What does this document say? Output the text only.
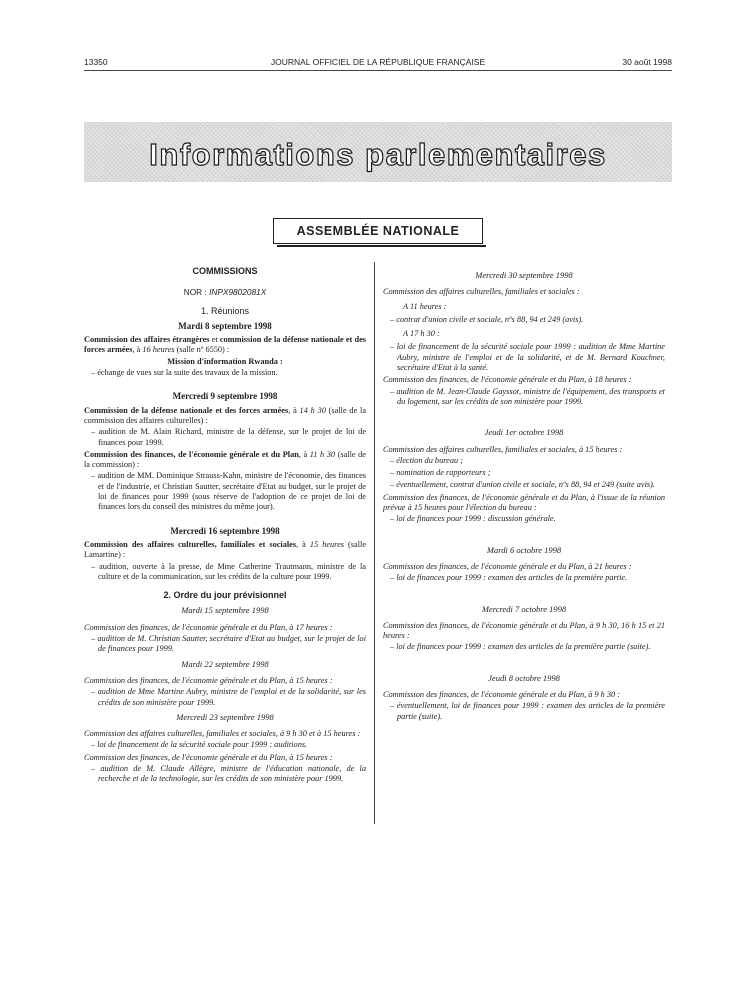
13350	JOURNAL OFFICIEL DE LA RÉPUBLIQUE FRANÇAISE	30 août 1998
Informations parlementaires
ASSEMBLÉE NATIONALE
COMMISSIONS
NOR : INPX9802081X
1. Réunions
Mardi 8 septembre 1998
Commission des affaires étrangères et commission de la défense nationale et des forces armées, à 16 heures (salle nº 6550) :
Mission d'information Rwanda :
– échange de vues sur la suite des travaux de la mission.
Mercredi 9 septembre 1998
Commission de la défense nationale et des forces armées, à 14 h 30 (salle de la commission des affaires culturelles) :
– audition de M. Alain Richard, ministre de la défense, sur le projet de loi de finances pour 1999.
Commission des finances, de l'économie générale et du Plan, à 11 h 30 (salle de la commission) :
– audition de MM. Dominique Strauss-Kahn, ministre de l'économie, des finances et de l'industrie, et Christian Sautter, secrétaire d'Etat au budget, sur le projet de loi de finances pour 1999 (sous réserve de l'adoption de ce projet de loi de finances lors du conseil des ministres du même jour).
Mercredi 16 septembre 1998
Commission des affaires culturelles, familiales et sociales, à 15 heures (salle Lamartine) :
– audition, ouverte à la presse, de Mme Catherine Trautmann, ministre de la culture et de la communication, sur les crédits de la culture pour 1999.
2. Ordre du jour prévisionnel
Mardi 15 septembre 1998
Commission des finances, de l'économie générale et du Plan, à 17 heures :
– audition de M. Christian Sautter, secrétaire d'Etat au budget, sur le projet de loi de finances pour 1999.
Mardi 22 septembre 1998
Commission des finances, de l'économie générale et du Plan, à 15 heures :
– audition de Mme Martine Aubry, ministre de l'emploi et de la solidarité, sur les crédits de son ministère pour 1999.
Mercredi 23 septembre 1998
Commission des affaires culturelles, familiales et sociales, à 9 h 30 et à 15 heures :
– loi de financement de la sécurité sociale pour 1999 : auditions.
Commission des finances, de l'économie générale et du Plan, à 15 heures :
– audition de M. Claude Allègre, ministre de l'éducation nationale, de la recherche et de la technologie, sur les crédits de son ministère pour 1999.
Mercredi 30 septembre 1998
Commission des affaires culturelles, familiales et sociales :
A 11 heures :
– contrat d'union civile et sociale, nºs 88, 94 et 249 (avis).
A 17 h 30 :
– loi de financement de la sécurité sociale pour 1999 : audition de Mme Martine Aubry, ministre de l'emploi et de la solidarité, et de M. Bernard Kouchner, secrétaire d'Etat à la santé.
Commission des finances, de l'économie générale et du Plan, à 18 heures :
– audition de M. Jean-Claude Gayssot, ministre de l'équipement, des transports et du logement, sur les crédits de son ministère pour 1999.
Jeudi 1er octobre 1998
Commission des affaires culturelles, familiales et sociales, à 15 heures :
– élection du bureau ;
– nomination de rapporteurs ;
– éventuellement, contrat d'union civile et sociale, nºs 88, 94 et 249 (suite avis).
Commission des finances, de l'économie générale et du Plan, à l'issue de la réunion prévue à 15 heures pour l'élection du bureau :
– loi de finances pour 1999 : discussion générale.
Mardi 6 octobre 1998
Commission des finances, de l'économie générale et du Plan, à 21 heures :
– loi de finances pour 1999 : examen des articles de la première partie.
Mercredi 7 octobre 1998
Commission des finances, de l'économie générale et du Plan, à 9 h 30, 16 h 15 et 21 heures :
– loi de finances pour 1999 : examen des articles de la première partie (suite).
Jeudi 8 octobre 1998
Commission des finances, de l'économie générale et du Plan, à 9 h 30 :
– éventuellement, loi de finances pour 1999 : examen des articles de la première partie (suite).
